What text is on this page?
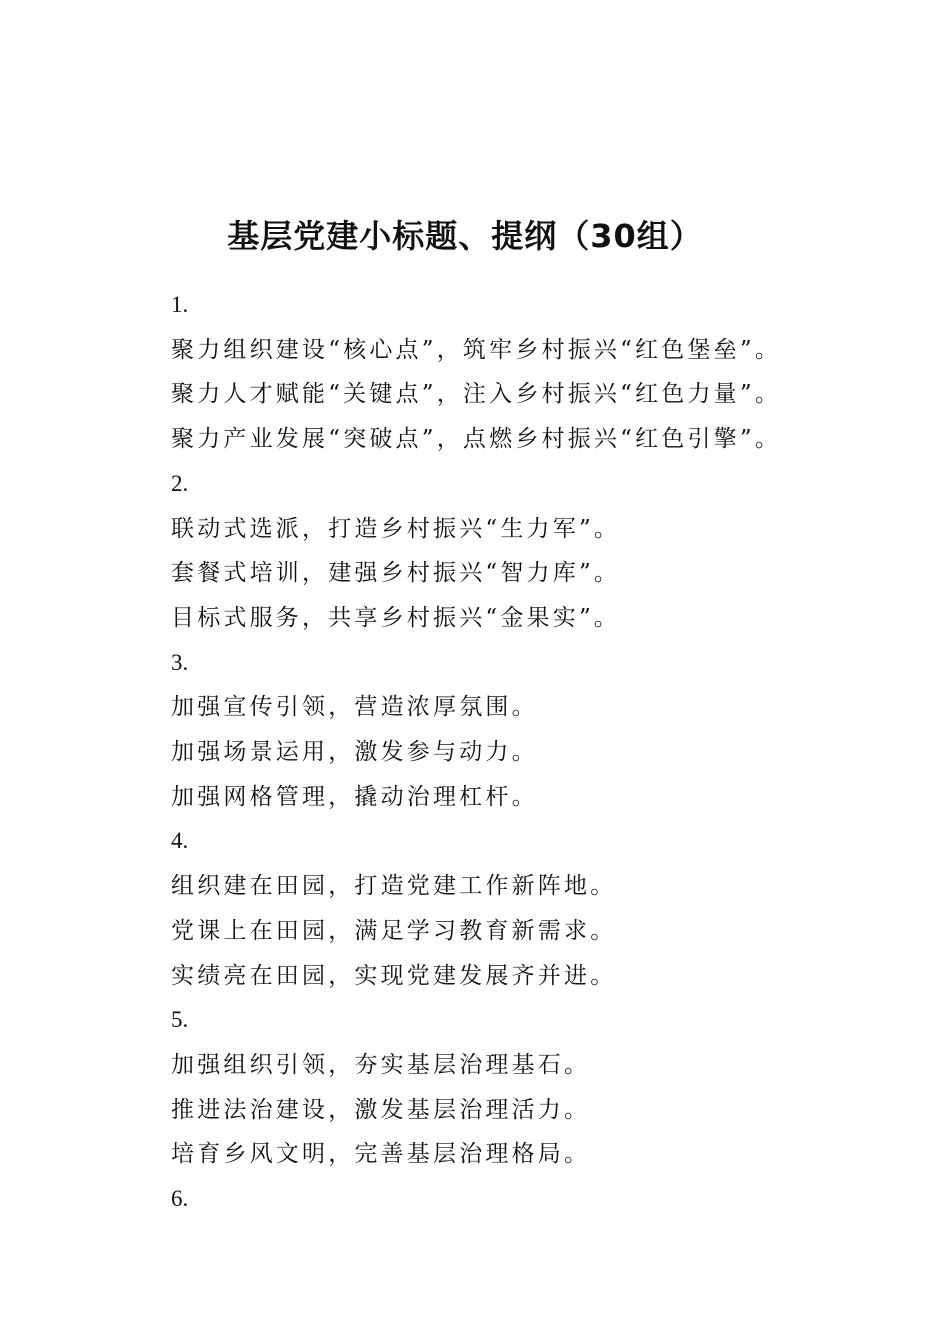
基层党建小标题、提纲（30组）
1.
聚力组织建设“核心点”，筑牢乡村振兴“红色堡垒”。
聚力人才赋能“关键点”，注入乡村振兴“红色力量”。
聚力产业发展“突破点”，点燃乡村振兴“红色引擎”。
2.
联动式选派，打造乡村振兴“生力军”。
套餐式培训，建强乡村振兴“智力库”。
目标式服务，共享乡村振兴“金果实”。
3.
加强宣传引领，营造浓厚氛围。
加强场景运用，激发参与动力。
加强网格管理，撬动治理杠杆。
4.
组织建在田园，打造党建工作新阵地。
党课上在田园，满足学习教育新需求。
实绩亮在田园，实现党建发展齐并进。
5.
加强组织引领，夯实基层治理基石。
推进法治建设，激发基层治理活力。
培育乡风文明，完善基层治理格局。
6.
